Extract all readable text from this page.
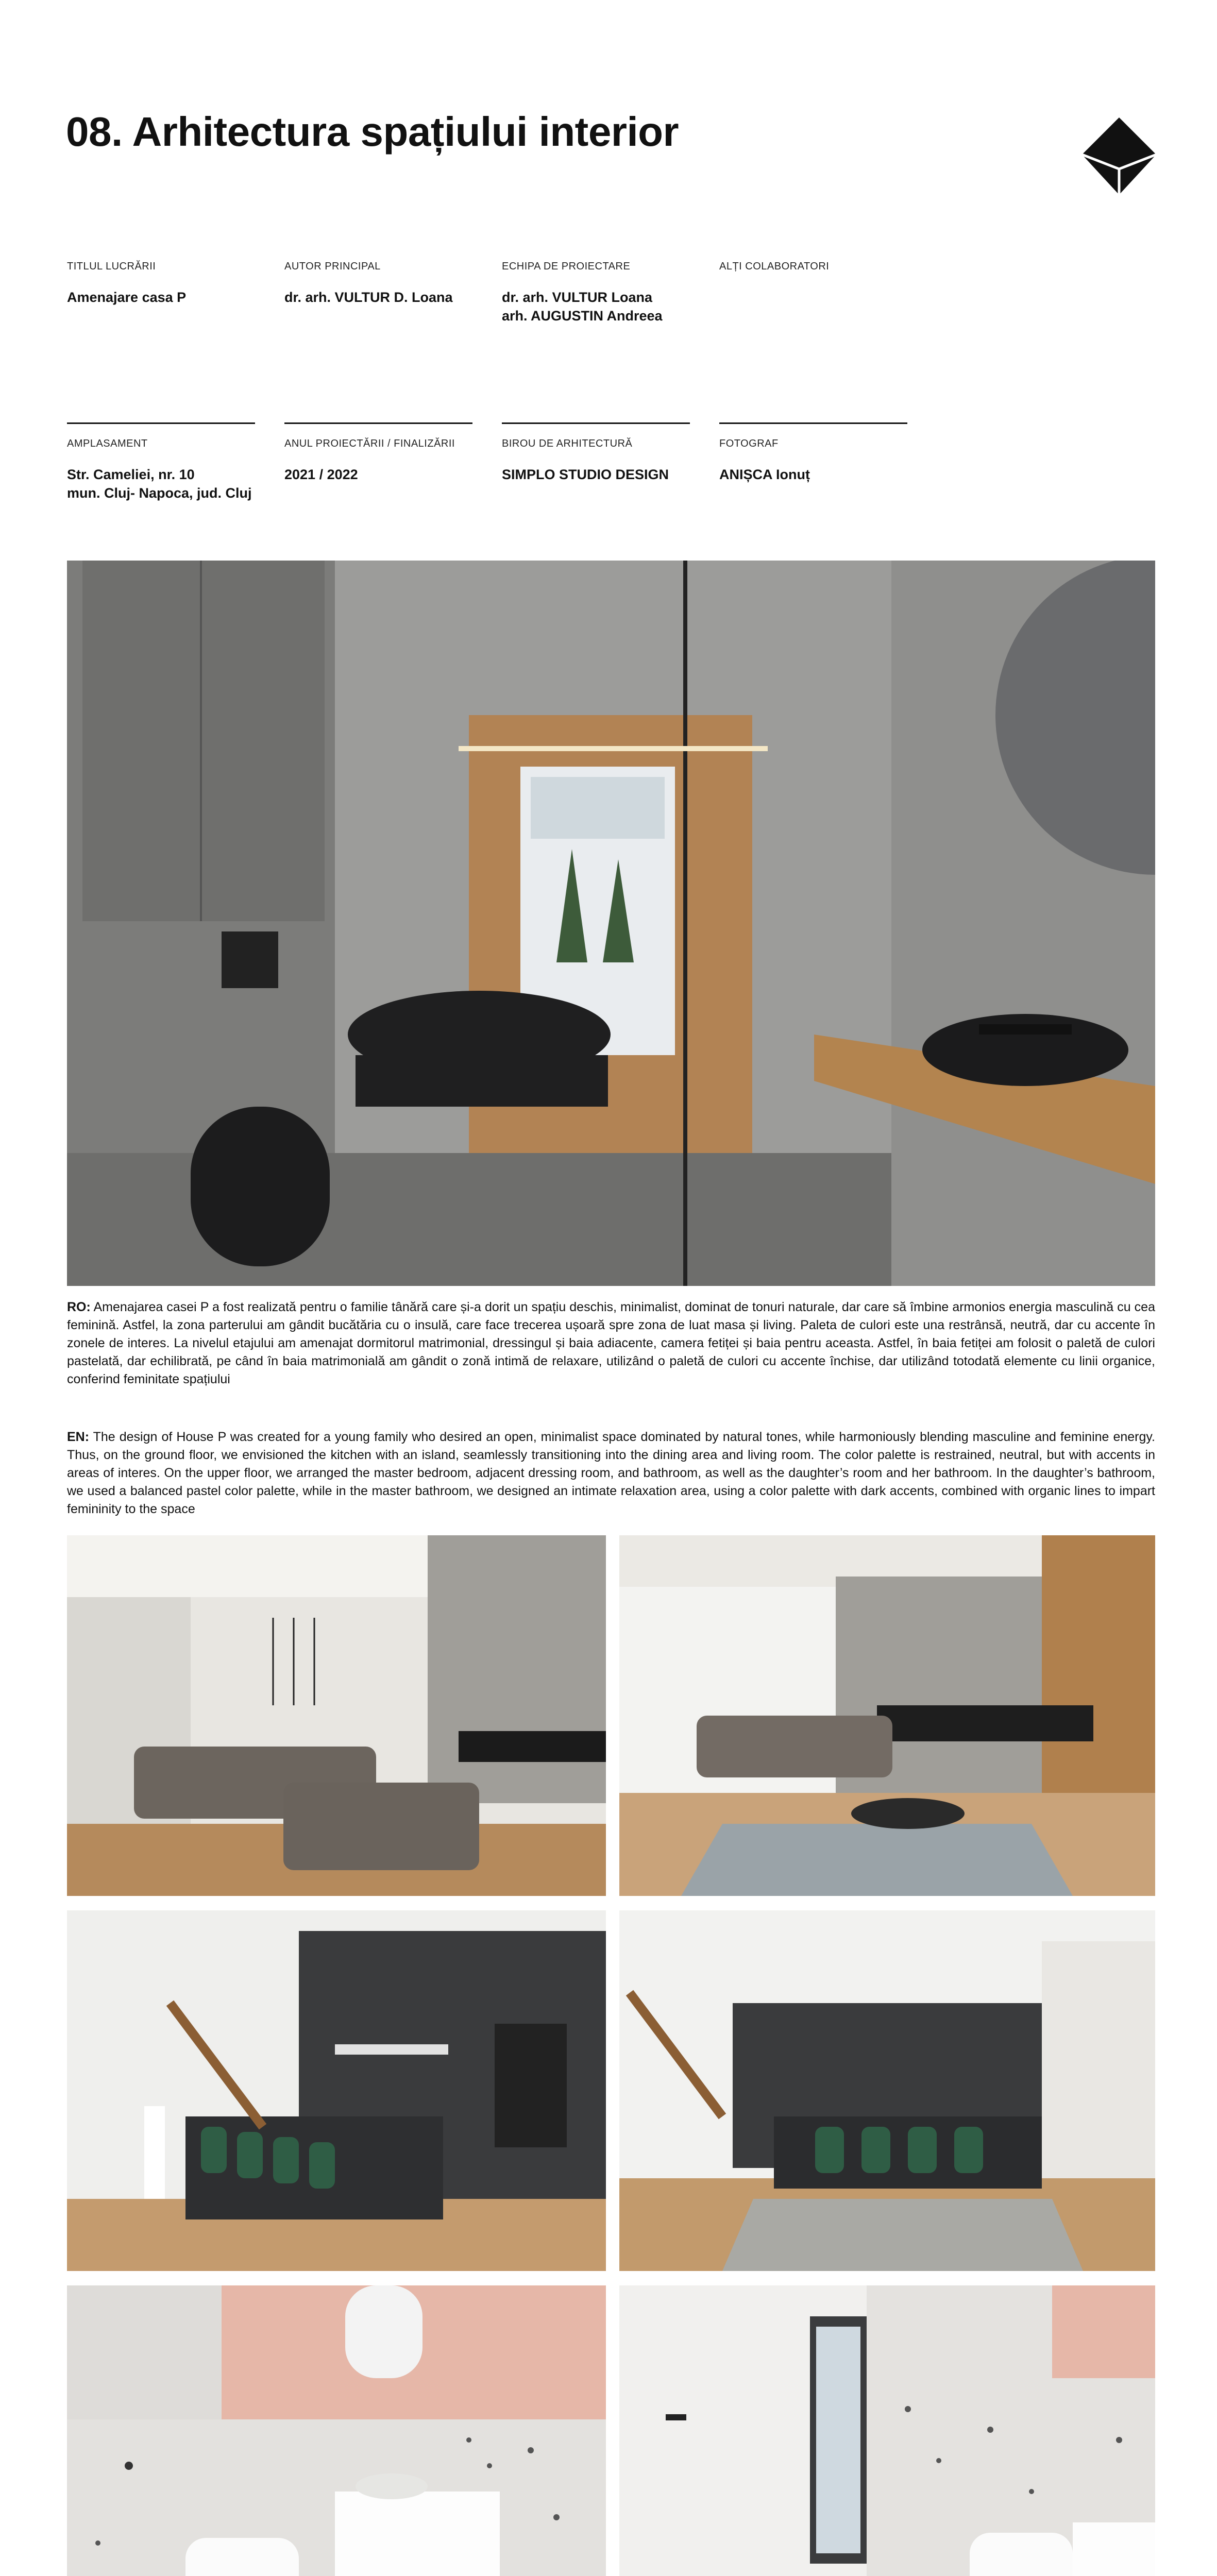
08. Arhitectura spațiului interior
TITLUL LUCRĂRII
Amenajare casa P
AUTOR PRINCIPAL
dr. arh. VULTUR D. Loana
ECHIPA DE PROIECTARE
dr. arh. VULTUR Loana
arh. AUGUSTIN Andreea
ALȚI COLABORATORI
AMPLASAMENT
Str. Cameliei, nr. 10
mun. Cluj- Napoca, jud. Cluj
ANUL PROIECTĂRII / FINALIZĂRII
2021 / 2022
BIROU DE ARHITECTURĂ
SIMPLO STUDIO DESIGN
FOTOGRAF
ANIȘCA Ionuț
RO: Amenajarea casei P a fost realizată pentru o familie tânără care și-a dorit un spațiu deschis, minimalist, dominat de tonuri naturale, dar care să îmbine armonios energia masculină cu cea feminină. Astfel, la zona parterului am gândit bucătăria cu o insulă, care face trecerea ușoară spre zona de luat masa și living. Paleta de culori este una restrânsă, neutră, dar cu accente în zonele de interes. La nivelul etajului am amenajat dormitorul matrimonial, dressingul și baia adiacente, camera fetiței și baia pentru aceasta. Astfel, în baia fetiței am folosit o paletă de culori pastelată, dar echilibrată, pe când în baia matrimonială am gândit o zonă intimă de relaxare, utilizând o paletă de culori cu accente închise, dar utilizând totodată elemente cu linii organice, conferind feminitate spațiului
EN: The design of House P was created for a young family who desired an open, minimalist space dominated by natural tones, while harmoniously blending masculine and feminine energy. Thus, on the ground floor, we envisioned the kitchen with an island, seamlessly transitioning into the dining area and living room. The color palette is restrained, neutral, but with accents in areas of interes. On the upper floor, we arranged the master bedroom, adjacent dressing room, and bathroom, as well as the daughter’s room and her bathroom. In the daughter’s bathroom, we used a balanced pastel color palette, while in the master bathroom, we designed an intimate relaxation area, using a color palette with dark accents, combined with organic lines to impart femininity to the space
